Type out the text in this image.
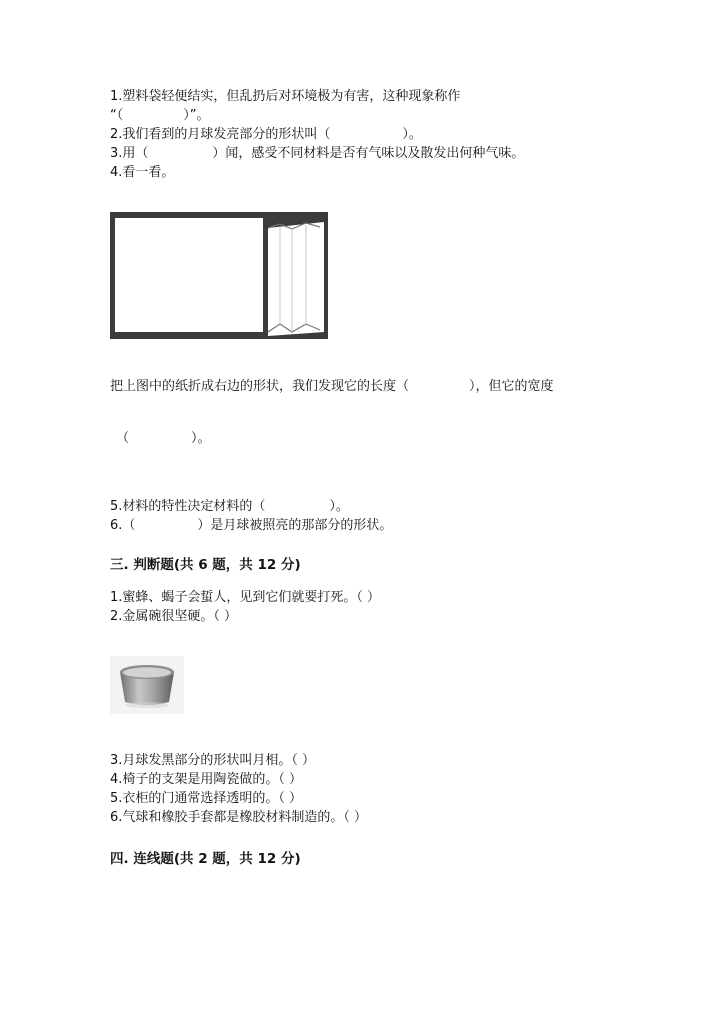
1.塑料袋轻便结实，但乱扔后对环境极为有害，这种现象称作
“（	）”。
2.我们看到的月球发亮部分的形状叫（	）。
3.用（	）闻，感受不同材料是否有气味以及散发出何种气味。
4.看一看。
把上图中的纸折成右边的形状，我们发现它的长度（	），但它的宽度
（	）。
5.材料的特性决定材料的（	）。
6.（	）是月球被照亮的那部分的形状。
三. 判断题(共 6 题，共 12 分)
1.蜜蜂、蝎子会蜇人，见到它们就要打死。（ ）
2.金属碗很坚硬。（ ）
3.月球发黑部分的形状叫月相。（ ）
4.椅子的支架是用陶瓷做的。（ ）
5.衣柜的门通常选择透明的。（ ）
6.气球和橡胶手套都是橡胶材料制造的。（ ）
四. 连线题(共 2 题，共 12 分)
